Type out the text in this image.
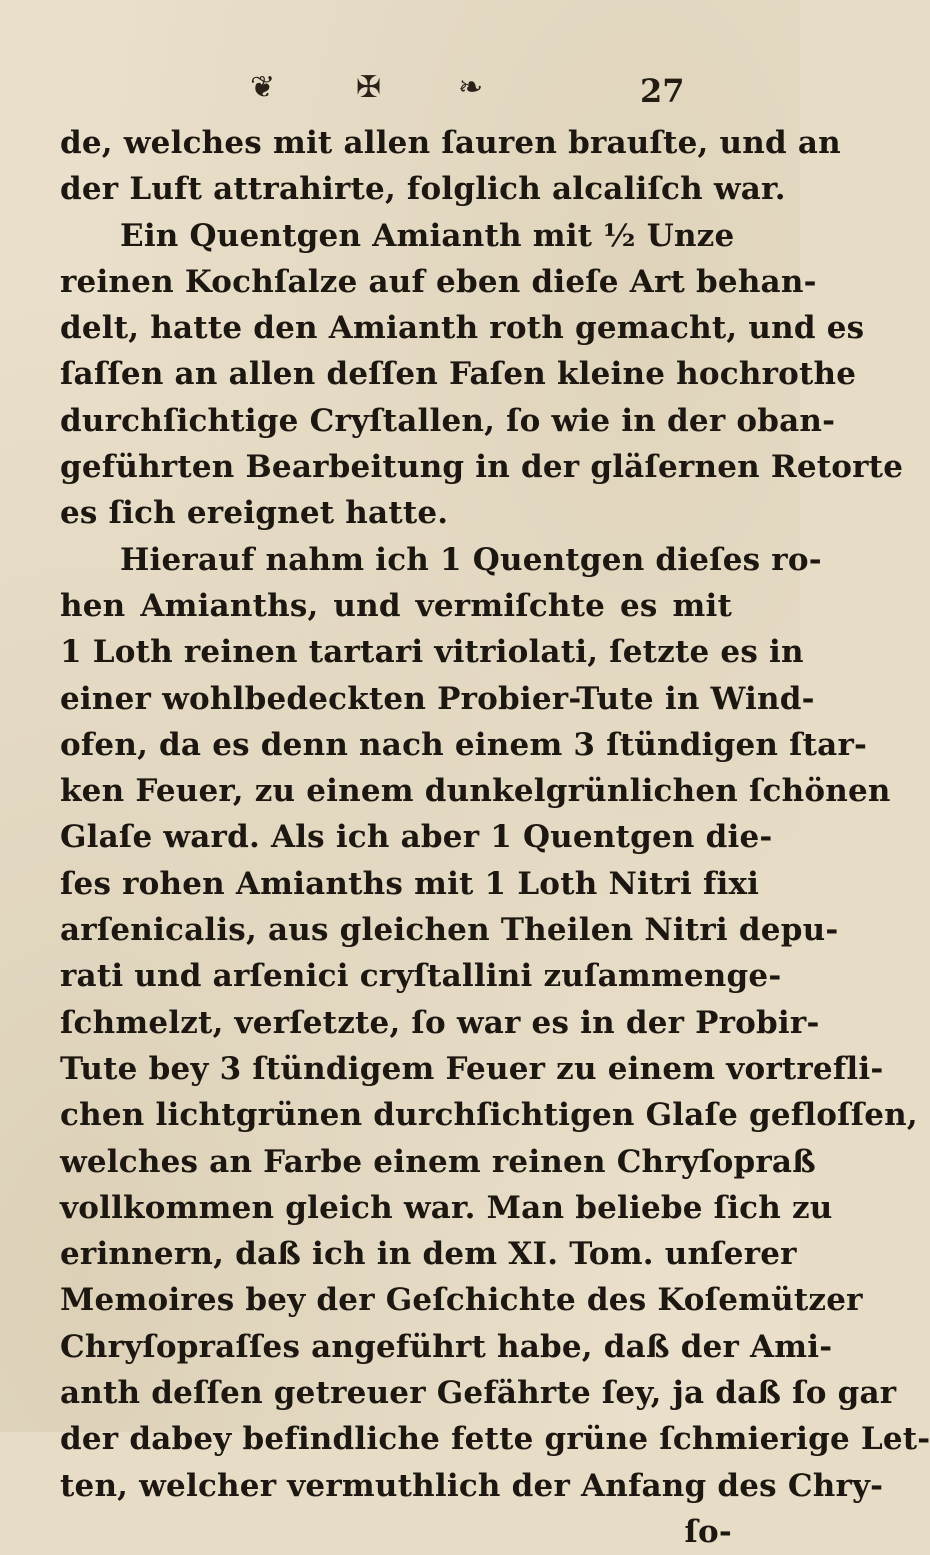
❦	✠ ❧	27
de, welches mit allen ſauren brauſte, und an
der Luft attrahirte, folglich alcaliſch war.
Ein Quentgen Amianth mit ½ Unze
reinen Kochſalze auf eben dieſe Art behan-
delt, hatte den Amianth roth gemacht, und es
ſaſſen an allen deſſen Faſen kleine hochrothe
durchſichtige Cryſtallen, ſo wie in der oban-
geführten Bearbeitung in der gläſernen Retorte
es ſich ereignet hatte.
Hierauf nahm ich 1 Quentgen dieſes ro-
hen Amianths, und vermiſchte es mit
1 Loth reinen tartari vitriolati, ſetzte es in
einer wohlbedeckten Probier-Tute in Wind-
ofen, da es denn nach einem 3 ſtündigen ſtar-
ken Feuer, zu einem dunkelgrünlichen ſchönen
Glaſe ward. Als ich aber 1 Quentgen die-
ſes rohen Amianths mit 1 Loth Nitri fixi
arſenicalis, aus gleichen Theilen Nitri depu-
rati und arſenici cryſtallini zuſammenge-
ſchmelzt, verſetzte, ſo war es in der Probir-
Tute bey 3 ſtündigem Feuer zu einem vortrefli-
chen lichtgrünen durchſichtigen Glaſe gefloſſen,
welches an Farbe einem reinen Chryſopraß
vollkommen gleich war. Man beliebe ſich zu
erinnern, daß ich in dem XI. Tom. unſerer
Memoires bey der Geſchichte des Koſemützer
Chryſopraſſes angeführt habe, daß der Ami-
anth deſſen getreuer Gefährte ſey, ja daß ſo gar
der dabey befindliche fette grüne ſchmierige Let-
ten, welcher vermuthlich der Anfang des Chry-
ſo-
